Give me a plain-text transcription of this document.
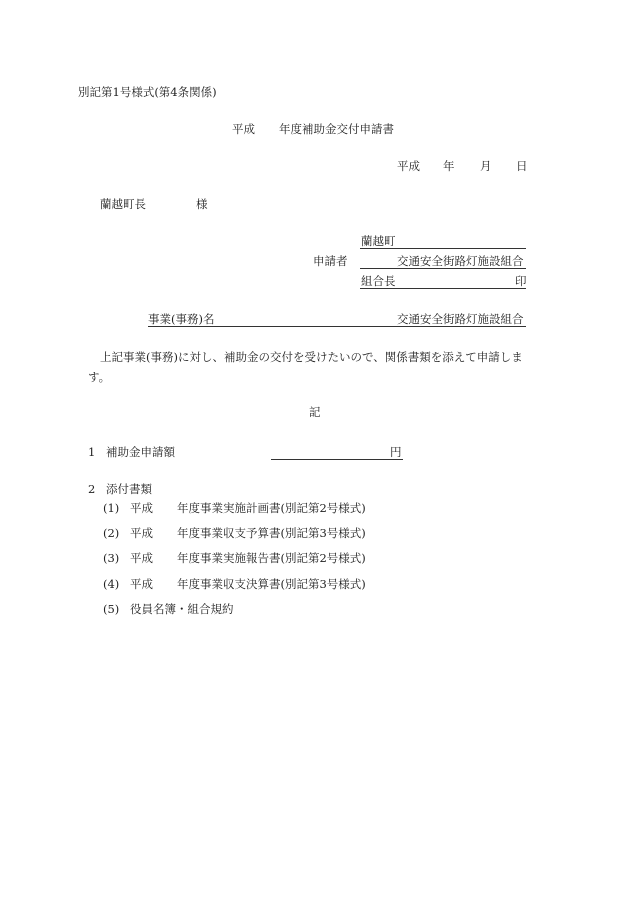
別記第1号様式(第4条関係)
平成 年度補助金交付申請書
平成 年 月 日
蘭越町長	様
蘭越町
申請者	交通安全街路灯施設組合
組合長	印
事業(事務)名	交通安全街路灯施設組合
上記事業(事務)に対し、補助金の交付を受けたいので、関係書類を添えて申請しま
す。
記
1 補助金申請額	円
2 添付書類
(1) 平成 年度事業実施計画書(別記第2号様式)
(2) 平成 年度事業収支予算書(別記第3号様式)
(3) 平成 年度事業実施報告書(別記第2号様式)
(4) 平成 年度事業収支決算書(別記第3号様式)
(5) 役員名簿・組合規約
